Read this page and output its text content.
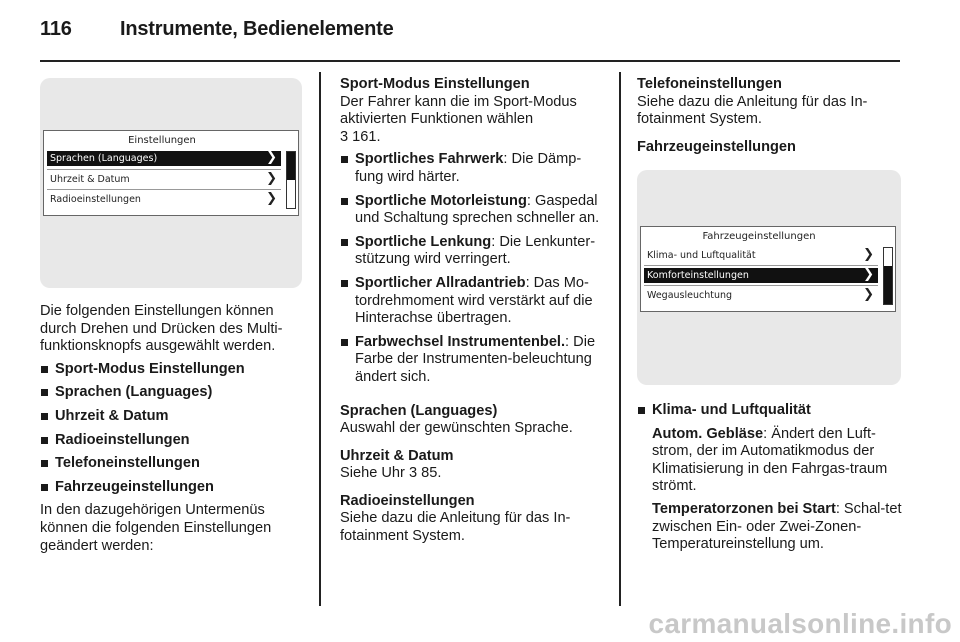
116 Instrumente, Bedienelemente
Einstellungen
Sprachen (Languages)	❯
Uhrzeit & Datum	❯
Radioeinstellungen	❯

Die folgenden Einstellungen können durch Drehen und Drücken des Multi-funktionsknopfs ausgewählt werden.

Sport-Modus Einstellungen
Sprachen (Languages)
Uhrzeit & Datum
Radioeinstellungen
Telefoneinstellungen
Fahrzeugeinstellungen

In den dazugehörigen Untermenüs können die folgenden Einstellungen geändert werden:

Sport-Modus Einstellungen

Der Fahrer kann die im Sport-Modus aktivierten Funktionen wählen

3 161.

Sportliches Fahrwerk: Die Dämp-fung wird härter.
Sportliche Motorleistung: Gaspedal und Schaltung sprechen schneller an.
Sportliche Lenkung: Die Lenkunter-stützung wird verringert.
Sportlicher Allradantrieb: Das Mo-tordrehmoment wird verstärkt auf die Hinterachse übertragen.
Farbwechsel Instrumentenbel.: Die Farbe der Instrumenten-beleuchtung ändert sich.

Sprachen (Languages)

Auswahl der gewünschten Sprache.

Uhrzeit & Datum

Siehe Uhr 3 85.

Radioeinstellungen

Siehe dazu die Anleitung für das In-fotainment System.

Telefoneinstellungen

Siehe dazu die Anleitung für das In-fotainment System.

Fahrzeugeinstellungen

Fahrzeugeinstellungen
Klima- und Luftqualität	❯
Komforteinstellungen	❯
Wegausleuchtung	❯
Klima- und Luftqualität

Autom. Gebläse: Ändert den Luft-strom, der im Automatikmodus der Klimatisierung in den Fahrgas-traum strömt.

Temperatorzonen bei Start: Schal-tet zwischen Ein- oder Zwei-Zonen-Temperatureinstellung um.

carmanualsonline.info
